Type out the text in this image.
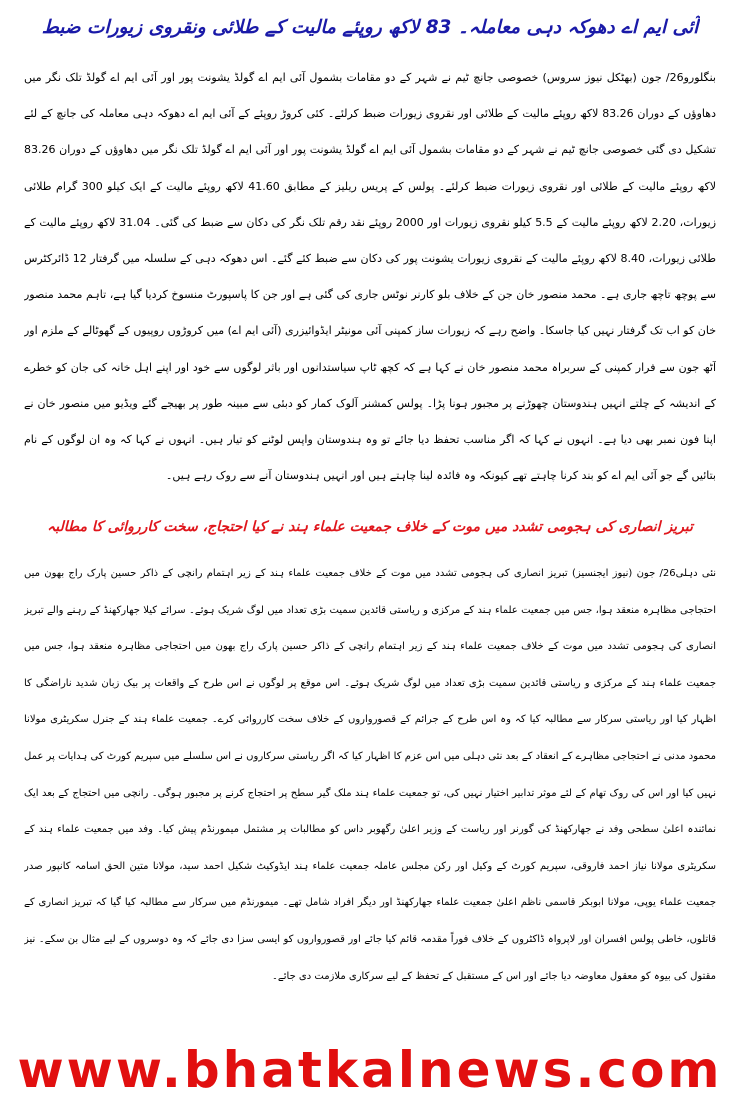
آئی ایم اے دھوکہ دہی معاملہ۔ 83 لاکھ روپئے مالیت کے طلائی ونقروی زیورات ضبط

بنگلورو26/ جون (بھٹکل نیوز سروس) خصوصی جانچ ٹیم نے شہر کے دو مقامات بشمول آئی ایم اے گولڈ یشونت پور اور آئی ایم اے گولڈ تلک نگر میں دھاوؤں کے دوران 83.26 لاکھ روپئے مالیت کے طلائی اور نقروی زیورات ضبط کرلئے۔ کئی کروڑ روپئے کے آئی ایم اے دھوکہ دہی معاملہ کی جانچ کے لئے تشکیل دی گئی خصوصی جانچ ٹیم نے شہر کے دو مقامات بشمول آئی ایم اے گولڈ یشونت پور اور آئی ایم اے گولڈ تلک نگر میں دھاوؤں کے دوران 83.26 لاکھ روپئے مالیت کے طلائی اور نقروی زیورات ضبط کرلئے۔ پولس کے پریس ریلیز کے مطابق 41.60 لاکھ روپئے مالیت کے ایک کیلو 300 گرام طلائی زیورات، 2.20 لاکھ روپئے مالیت کے 5.5 کیلو نقروی زیورات اور 2000 روپئے نقد رقم تلک نگر کی دکان سے ضبط کی گئی۔ 31.04 لاکھ روپئے مالیت کے طلائی زیورات، 8.40 لاکھ روپئے مالیت کے نقروی زیورات یشونت پور کی دکان سے ضبط کئے گئے۔ اس دھوکہ دہی کے سلسلہ میں گرفتار 12 ڈائرکٹرس سے پوچھ تاچھ جاری ہے۔ محمد منصور خان جن کے خلاف بلو کارنر نوٹس جاری کی گئی ہے اور جن کا پاسپورٹ منسوخ کردیا گیا ہے، تاہم محمد منصور خان کو اب تک گرفتار نہیں کیا جاسکا۔ واضح رہے کہ زیورات ساز کمپنی آئی مونیٹر ایڈوائیزری (آئی ایم اے) میں کروڑوں روپیوں کے گھوٹالے کے ملزم اور آٹھ جون سے فرار کمپنی کے سربراہ محمد منصور خان نے کہا ہے کہ کچھ ٹاپ سیاستدانوں اور باثر لوگوں سے خود اور اپنے اہل خانہ کی جان کو خطرے کے اندیشہ کے چلتے انہیں ہندوستان چھوڑنے پر مجبور ہونا پڑا۔ پولس کمشنر آلوک کمار کو دبئی سے مبینہ طور پر بھیجے گئے ویڈیو میں منصور خان نے اپنا فون نمبر بھی دیا ہے۔ انہوں نے کہا کہ اگر مناسب تحفظ دیا جائے تو وہ ہندوستان واپس لوٹنے کو تیار ہیں۔ انہوں نے کہا کہ وہ ان لوگوں کے نام بتائیں گے جو آئی ایم اے کو بند کرنا چاہتے تھے کیونکہ وہ فائدہ لینا چاہتے ہیں اور انہیں ہندوستان آنے سے روک رہے ہیں۔

تبریز انصاری کی ہجومی تشدد میں موت کے خلاف جمعیت علماء ہند نے کیا احتجاج، سخت کارروائی کا مطالبہ

نئی دہلی26/ جون (نیوز ایجنسیز) تبریز انصاری کی ہجومی تشدد میں موت کے خلاف جمعیت علماء ہند کے زیر اہتمام رانچی کے ذاکر حسین پارک راج بھون میں احتجاجی مظاہرہ منعقد ہوا، جس میں جمعیت علماء ہند کے مرکزی و ریاستی قائدین سمیت بڑی تعداد میں لوگ شریک ہوئے۔ سرائے کیلا جھارکھنڈ کے رہنے والے تبریز انصاری کی ہجومی تشدد میں موت کے خلاف جمعیت علماء ہند کے زیر اہتمام رانچی کے ذاکر حسین پارک راج بھون میں احتجاجی مظاہرہ منعقد ہوا، جس میں جمعیت علماء ہند کے مرکزی و ریاستی قائدین سمیت بڑی تعداد میں لوگ شریک ہوئے۔ اس موقع پر لوگوں نے اس طرح کے واقعات پر بیک زبان شدید ناراضگی کا اظہار کیا اور ریاستی سرکار سے مطالبہ کیا کہ وہ اس طرح کے جرائم کے قصورواروں کے خلاف سخت کارروائی کرے۔ جمعیت علماء ہند کے جنرل سکریٹری مولانا محمود مدنی نے احتجاجی مظاہرے کے انعقاد کے بعد نئی دہلی میں اس عزم کا اظہار کیا کہ اگر ریاستی سرکاروں نے اس سلسلے میں سپریم کورٹ کی ہدایات پر عمل نہیں کیا اور اس کی روک تھام کے لئے موثر تدابیر اختیار نہیں کی، تو جمعیت علماء ہند ملک گیر سطح پر احتجاج کرنے پر مجبور ہوگی۔ رانچی میں احتجاج کے بعد ایک نمائندہ اعلیٰ سطحی وفد نے جھارکھنڈ کی گورنر اور ریاست کے وزیر اعلیٰ رگھوبر داس کو مطالبات پر مشتمل میمورنڈم پیش کیا۔ وفد میں جمعیت علماء ہند کے سکریٹری مولانا نیاز احمد فاروقی، سپریم کورٹ کے وکیل اور رکن مجلس عاملہ جمعیت علماء ہند ایڈوکیٹ شکیل احمد سید، مولانا متین الحق اسامہ کانپور صدر جمعیت علماء یوپی، مولانا ابوبکر قاسمی ناظم اعلیٰ جمعیت علماء جھارکھنڈ اور دیگر افراد شامل تھے۔ میمورنڈم میں سرکار سے مطالبہ کیا گیا کہ تبریز انصاری کے قاتلوں، خاطی پولس افسران اور لاپرواہ ڈاکٹروں کے خلاف فوراً مقدمہ قائم کیا جائے اور قصورواروں کو ایسی سزا دی جائے کہ وہ دوسروں کے لیے مثال بن سکے۔ نیز مقتول کی بیوہ کو معقول معاوضہ دیا جائے اور اس کے مستقبل کے تحفظ کے لیے سرکاری ملازمت دی جائے۔

www.bhatkalnews.com
